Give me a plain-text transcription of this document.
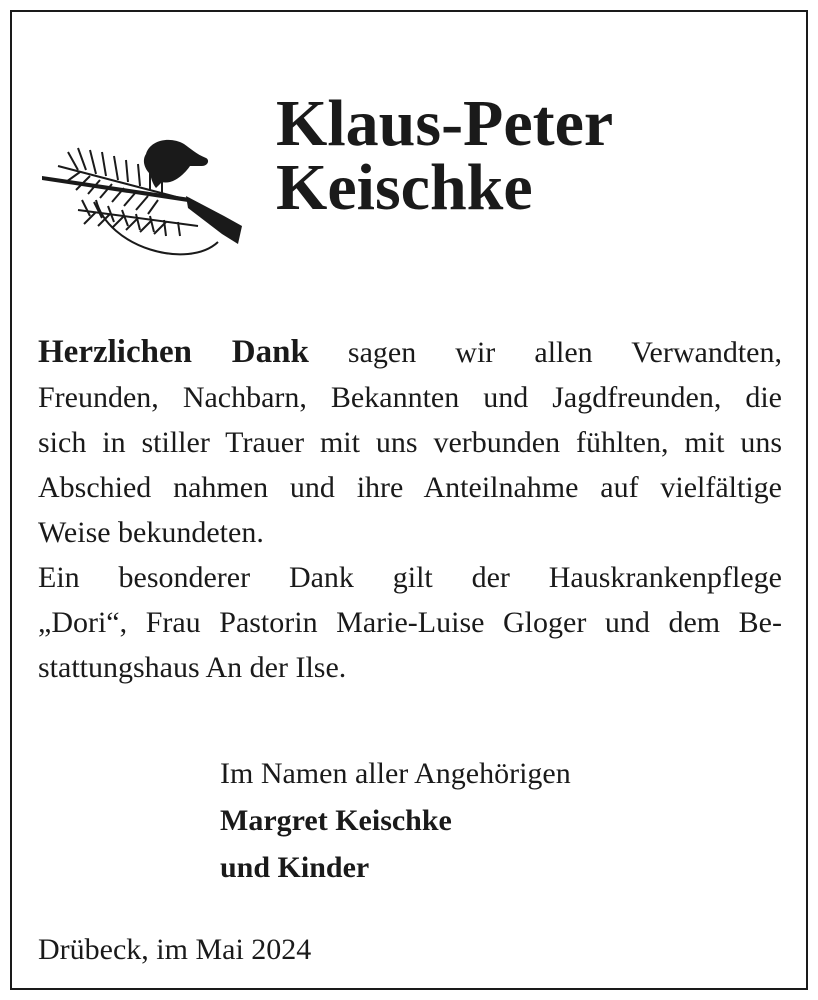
Klaus-Peter
Keischke

Herzlichen Dank sagen wir allen Verwandten,
Freunden, Nachbarn, Bekannten und Jagdfreunden, die
sich in stiller Trauer mit uns verbunden fühlten, mit uns
Abschied nahmen und ihre Anteilnahme auf vielfältige
Weise bekundeten.
Ein besonderer Dank gilt der Hauskrankenpflege
„Dori“, Frau Pastorin Marie-Luise Gloger und dem Be-
stattungshaus An der Ilse.

Im Namen aller Angehörigen
Margret Keischke
und Kinder
Drübeck, im Mai 2024
